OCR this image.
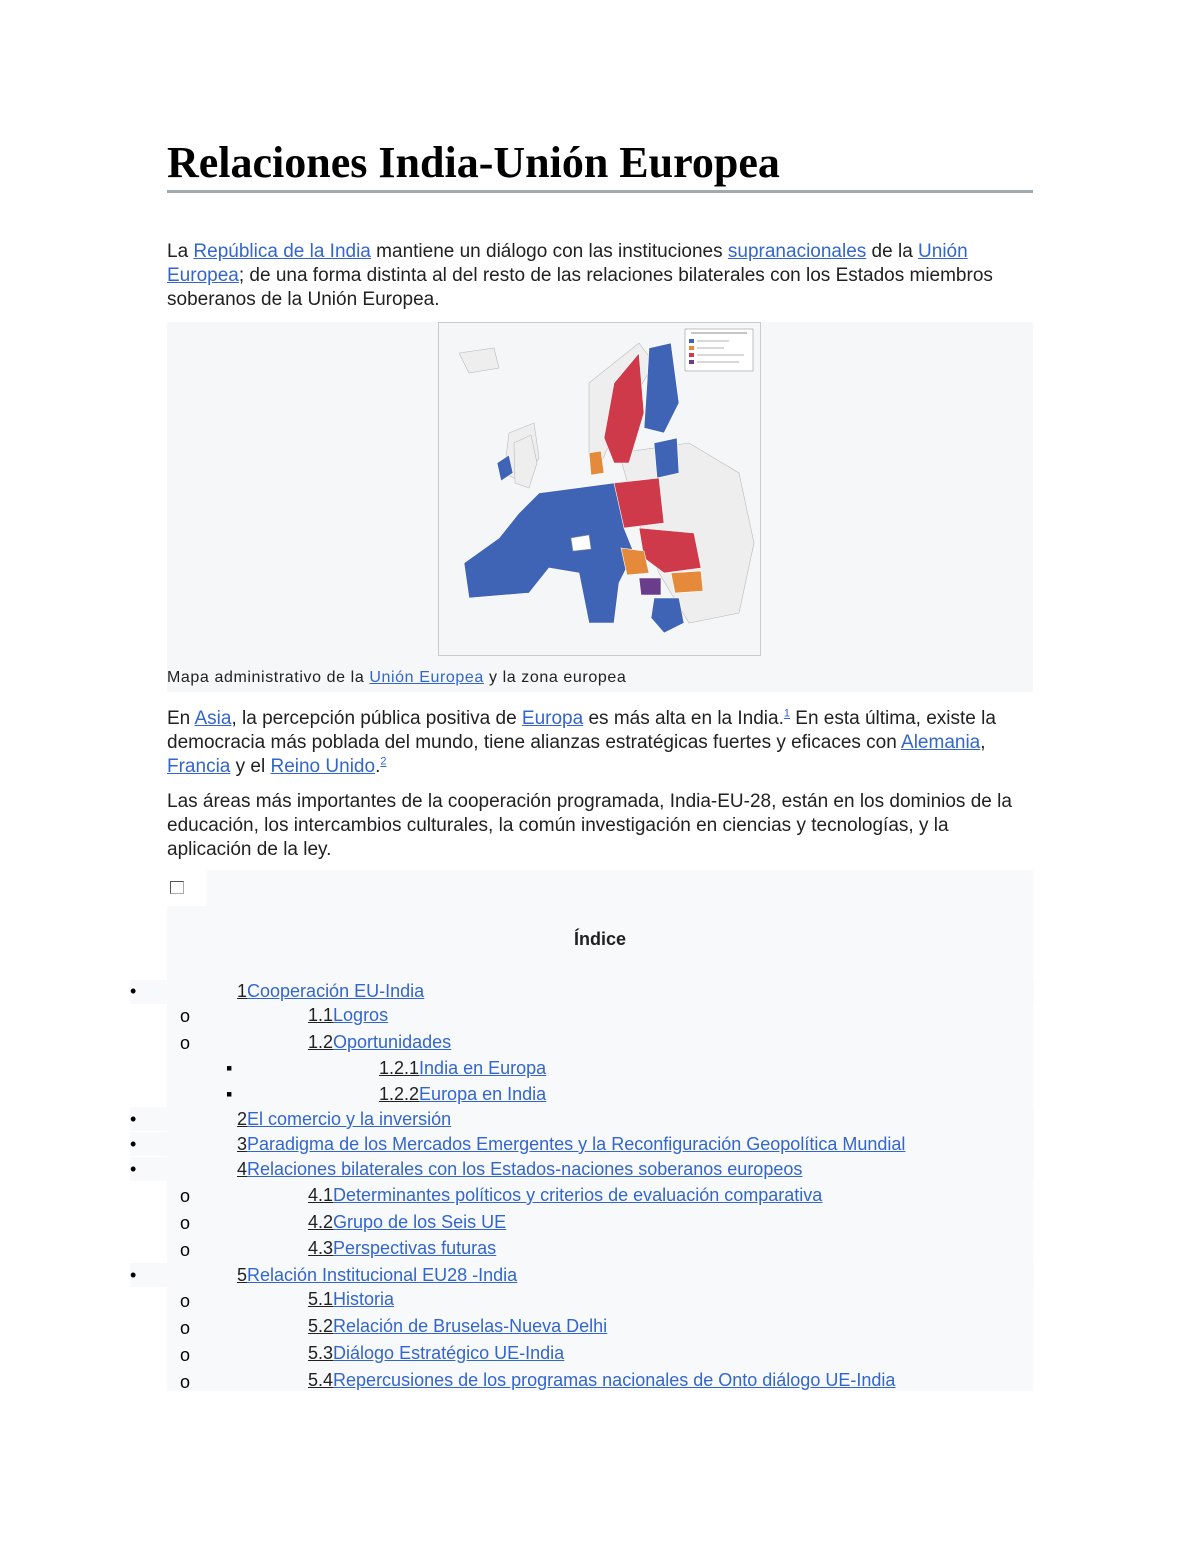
Relaciones India-Unión Europea

La República de la India mantiene un diálogo con las instituciones supranacionales de la Unión Europea; de una forma distinta al del resto de las relaciones bilaterales con los Estados miembros soberanos de la Unión Europea.

Mapa administrativo de la Unión Europea y la zona europea

En Asia, la percepción pública positiva de Europa es más alta en la India.$^1$ En esta última, existe la democracia más poblada del mundo, tiene alianzas estratégicas fuertes y eficaces con Alemania, Francia y el Reino Unido.$^2$

Las áreas más importantes de la cooperación programada, India-EU-28, están en los dominios de la educación, los intercambios culturales, la común investigación en ciencias y tecnologías, y la aplicación de la ley.

Índice
•	1Cooperación EU-India
o	1.1Logros
o	1.2Oportunidades
▪	1.2.1India en Europa
▪	1.2.2Europa en India
•	2El comercio y la inversión
•	3Paradigma de los Mercados Emergentes y la Reconfiguración Geopolítica Mundial
•	4Relaciones bilaterales con los Estados-naciones soberanos europeos
o	4.1Determinantes políticos y criterios de evaluación comparativa
o	4.2Grupo de los Seis UE
o	4.3Perspectivas futuras
•	5Relación Institucional EU28 -India
o	5.1Historia
o	5.2Relación de Bruselas-Nueva Delhi
o	5.3Diálogo Estratégico UE-India
o	5.4Repercusiones de los programas nacionales de Onto diálogo UE-India
